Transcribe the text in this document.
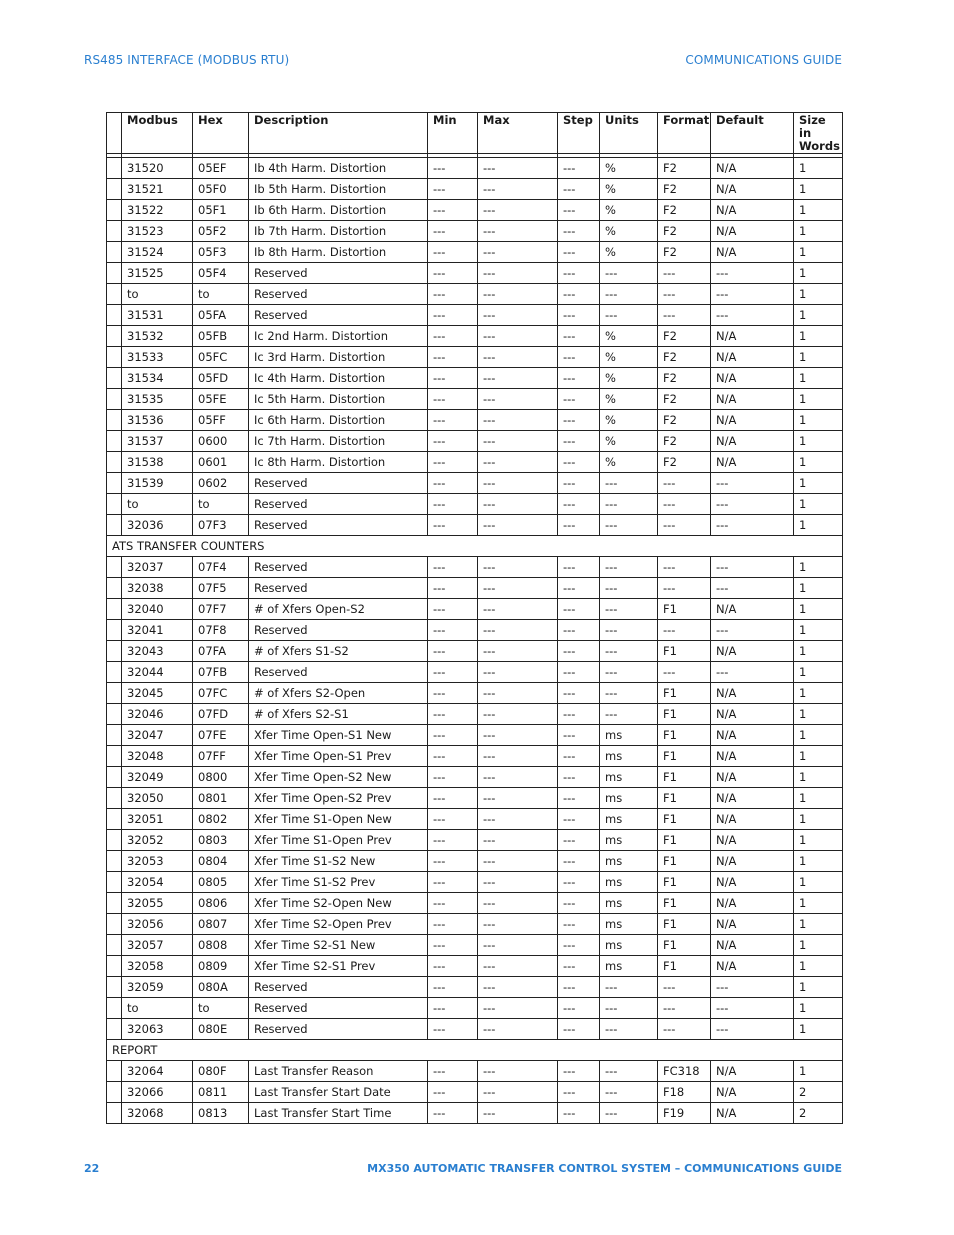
RS485 INTERFACE (MODBUS RTU)	COMMUNICATIONS GUIDE
	Modbus	Hex	Description	Min	Max	Step	Units	Format	Default	Size in Words

	31520	05EF	Ib 4th Harm. Distortion	---	---	---	%	F2	N/A	1
	31521	05F0	Ib 5th Harm. Distortion	---	---	---	%	F2	N/A	1
	31522	05F1	Ib 6th Harm. Distortion	---	---	---	%	F2	N/A	1
	31523	05F2	Ib 7th Harm. Distortion	---	---	---	%	F2	N/A	1
	31524	05F3	Ib 8th Harm. Distortion	---	---	---	%	F2	N/A	1
	31525	05F4	Reserved	---	---	---	---	---	---	1
	to	to	Reserved	---	---	---	---	---	---	1
	31531	05FA	Reserved	---	---	---	---	---	---	1
	31532	05FB	Ic 2nd Harm. Distortion	---	---	---	%	F2	N/A	1
	31533	05FC	Ic 3rd Harm. Distortion	---	---	---	%	F2	N/A	1
	31534	05FD	Ic 4th Harm. Distortion	---	---	---	%	F2	N/A	1
	31535	05FE	Ic 5th Harm. Distortion	---	---	---	%	F2	N/A	1
	31536	05FF	Ic 6th Harm. Distortion	---	---	---	%	F2	N/A	1
	31537	0600	Ic 7th Harm. Distortion	---	---	---	%	F2	N/A	1
	31538	0601	Ic 8th Harm. Distortion	---	---	---	%	F2	N/A	1
	31539	0602	Reserved	---	---	---	---	---	---	1
	to	to	Reserved	---	---	---	---	---	---	1
	32036	07F3	Reserved	---	---	---	---	---	---	1
ATS TRANSFER COUNTERS										
	32037	07F4	Reserved	---	---	---	---	---	---	1
	32038	07F5	Reserved	---	---	---	---	---	---	1
	32040	07F7	# of Xfers Open-S2	---	---	---	---	F1	N/A	1
	32041	07F8	Reserved	---	---	---	---	---	---	1
	32043	07FA	# of Xfers S1-S2	---	---	---	---	F1	N/A	1
	32044	07FB	Reserved	---	---	---	---	---	---	1
	32045	07FC	# of Xfers S2-Open	---	---	---	---	F1	N/A	1
	32046	07FD	# of Xfers S2-S1	---	---	---	---	F1	N/A	1
	32047	07FE	Xfer Time Open-S1 New	---	---	---	ms	F1	N/A	1
	32048	07FF	Xfer Time Open-S1 Prev	---	---	---	ms	F1	N/A	1
	32049	0800	Xfer Time Open-S2 New	---	---	---	ms	F1	N/A	1
	32050	0801	Xfer Time Open-S2 Prev	---	---	---	ms	F1	N/A	1
	32051	0802	Xfer Time S1-Open New	---	---	---	ms	F1	N/A	1
	32052	0803	Xfer Time S1-Open Prev	---	---	---	ms	F1	N/A	1
	32053	0804	Xfer Time S1-S2 New	---	---	---	ms	F1	N/A	1
	32054	0805	Xfer Time S1-S2 Prev	---	---	---	ms	F1	N/A	1
	32055	0806	Xfer Time S2-Open New	---	---	---	ms	F1	N/A	1
	32056	0807	Xfer Time S2-Open Prev	---	---	---	ms	F1	N/A	1
	32057	0808	Xfer Time S2-S1 New	---	---	---	ms	F1	N/A	1
	32058	0809	Xfer Time S2-S1 Prev	---	---	---	ms	F1	N/A	1
	32059	080A	Reserved	---	---	---	---	---	---	1
	to	to	Reserved	---	---	---	---	---	---	1
	32063	080E	Reserved	---	---	---	---	---	---	1
REPORT										
	32064	080F	Last Transfer Reason	---	---	---	---	FC318	N/A	1
	32066	0811	Last Transfer Start Date	---	---	---	---	F18	N/A	2
	32068	0813	Last Transfer Start Time	---	---	---	---	F19	N/A	2
22	MX350 AUTOMATIC TRANSFER CONTROL SYSTEM – COMMUNICATIONS GUIDE
